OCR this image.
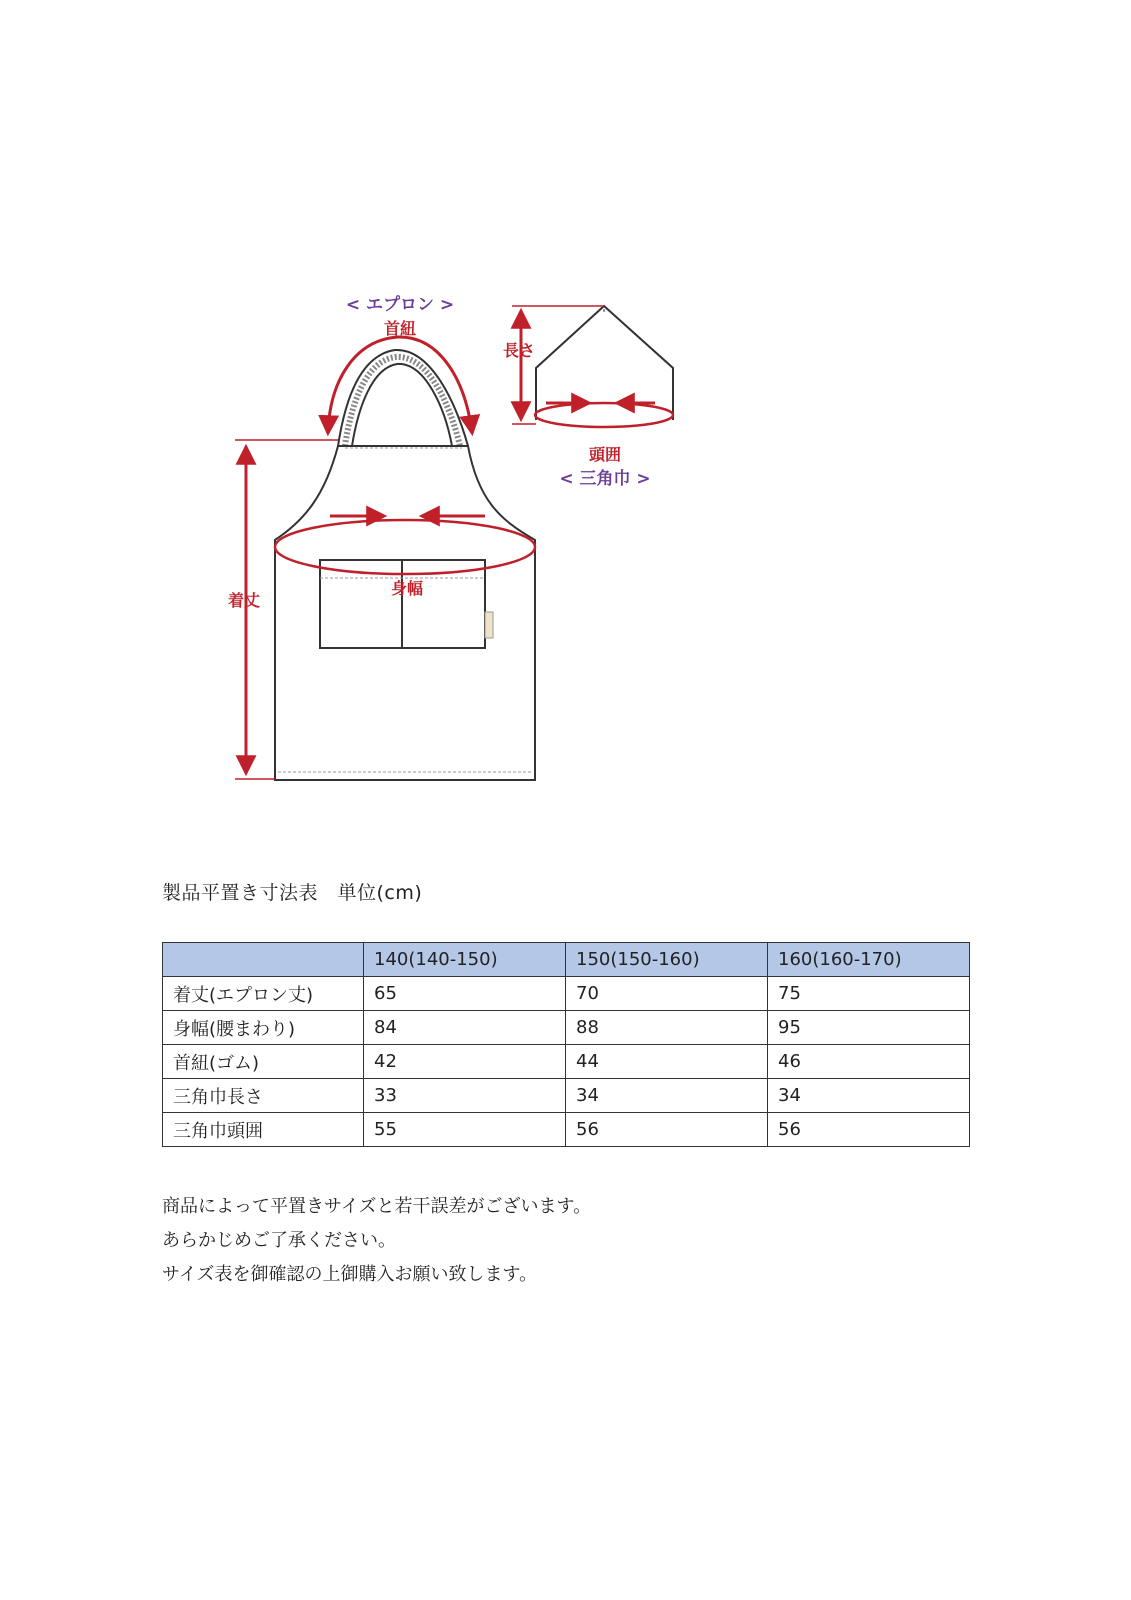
< エプロン >
首紐
着丈
身幅
長さ
頭囲
< 三角巾 >
製品平置き寸法表　単位(cm)
	140(140-150)	150(150-160)	160(160-170)
着丈(エプロン丈)	65	70	75
身幅(腰まわり)	84	88	95
首紐(ゴム)	42	44	46
三角巾長さ	33	34	34
三角巾頭囲	55	56	56
商品によって平置きサイズと若干誤差がございます。
あらかじめご了承ください。
サイズ表を御確認の上御購入お願い致します。
